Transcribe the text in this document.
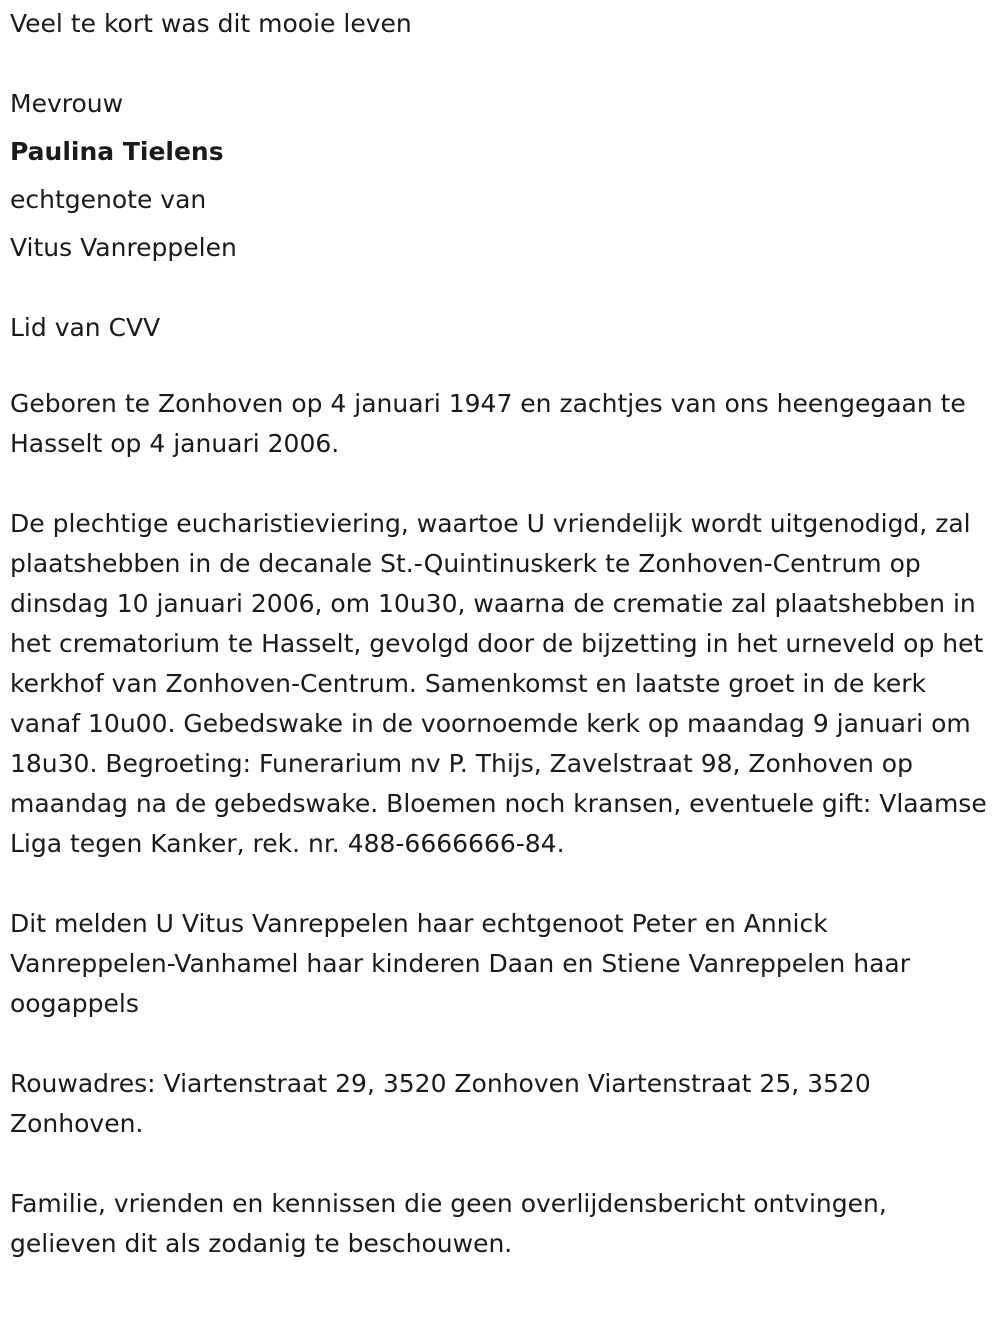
Veel te kort was dit mooie leven
Mevrouw
Paulina Tielens
echtgenote van
Vitus Vanreppelen
Lid van CVV

Geboren te Zonhoven op 4 januari 1947 en zachtjes van ons heengegaan te Hasselt op 4 januari 2006.

De plechtige eucharistieviering, waartoe U vriendelijk wordt uitgenodigd, zal plaatshebben in de decanale St.-Quintinuskerk te Zonhoven-Centrum op dinsdag 10 januari 2006, om 10u30, waarna de crematie zal plaatshebben in het crematorium te Hasselt, gevolgd door de bijzetting in het urneveld op het kerkhof van Zonhoven-Centrum. Samenkomst en laatste groet in de kerk vanaf 10u00. Gebedswake in de voornoemde kerk op maandag 9 januari om 18u30. Begroeting: Funerarium nv P. Thijs, Zavelstraat 98, Zonhoven op maandag na de gebedswake. Bloemen noch kransen, eventuele gift: Vlaamse Liga tegen Kanker, rek. nr. 488-6666666-84.

Dit melden U Vitus Vanreppelen haar echtgenoot Peter en Annick Vanreppelen-Vanhamel haar kinderen Daan en Stiene Vanreppelen haar oogappels

Rouwadres: Viartenstraat 29, 3520 Zonhoven Viartenstraat 25, 3520 Zonhoven.

Familie, vrienden en kennissen die geen overlijdensbericht ontvingen, gelieven dit als zodanig te beschouwen.
